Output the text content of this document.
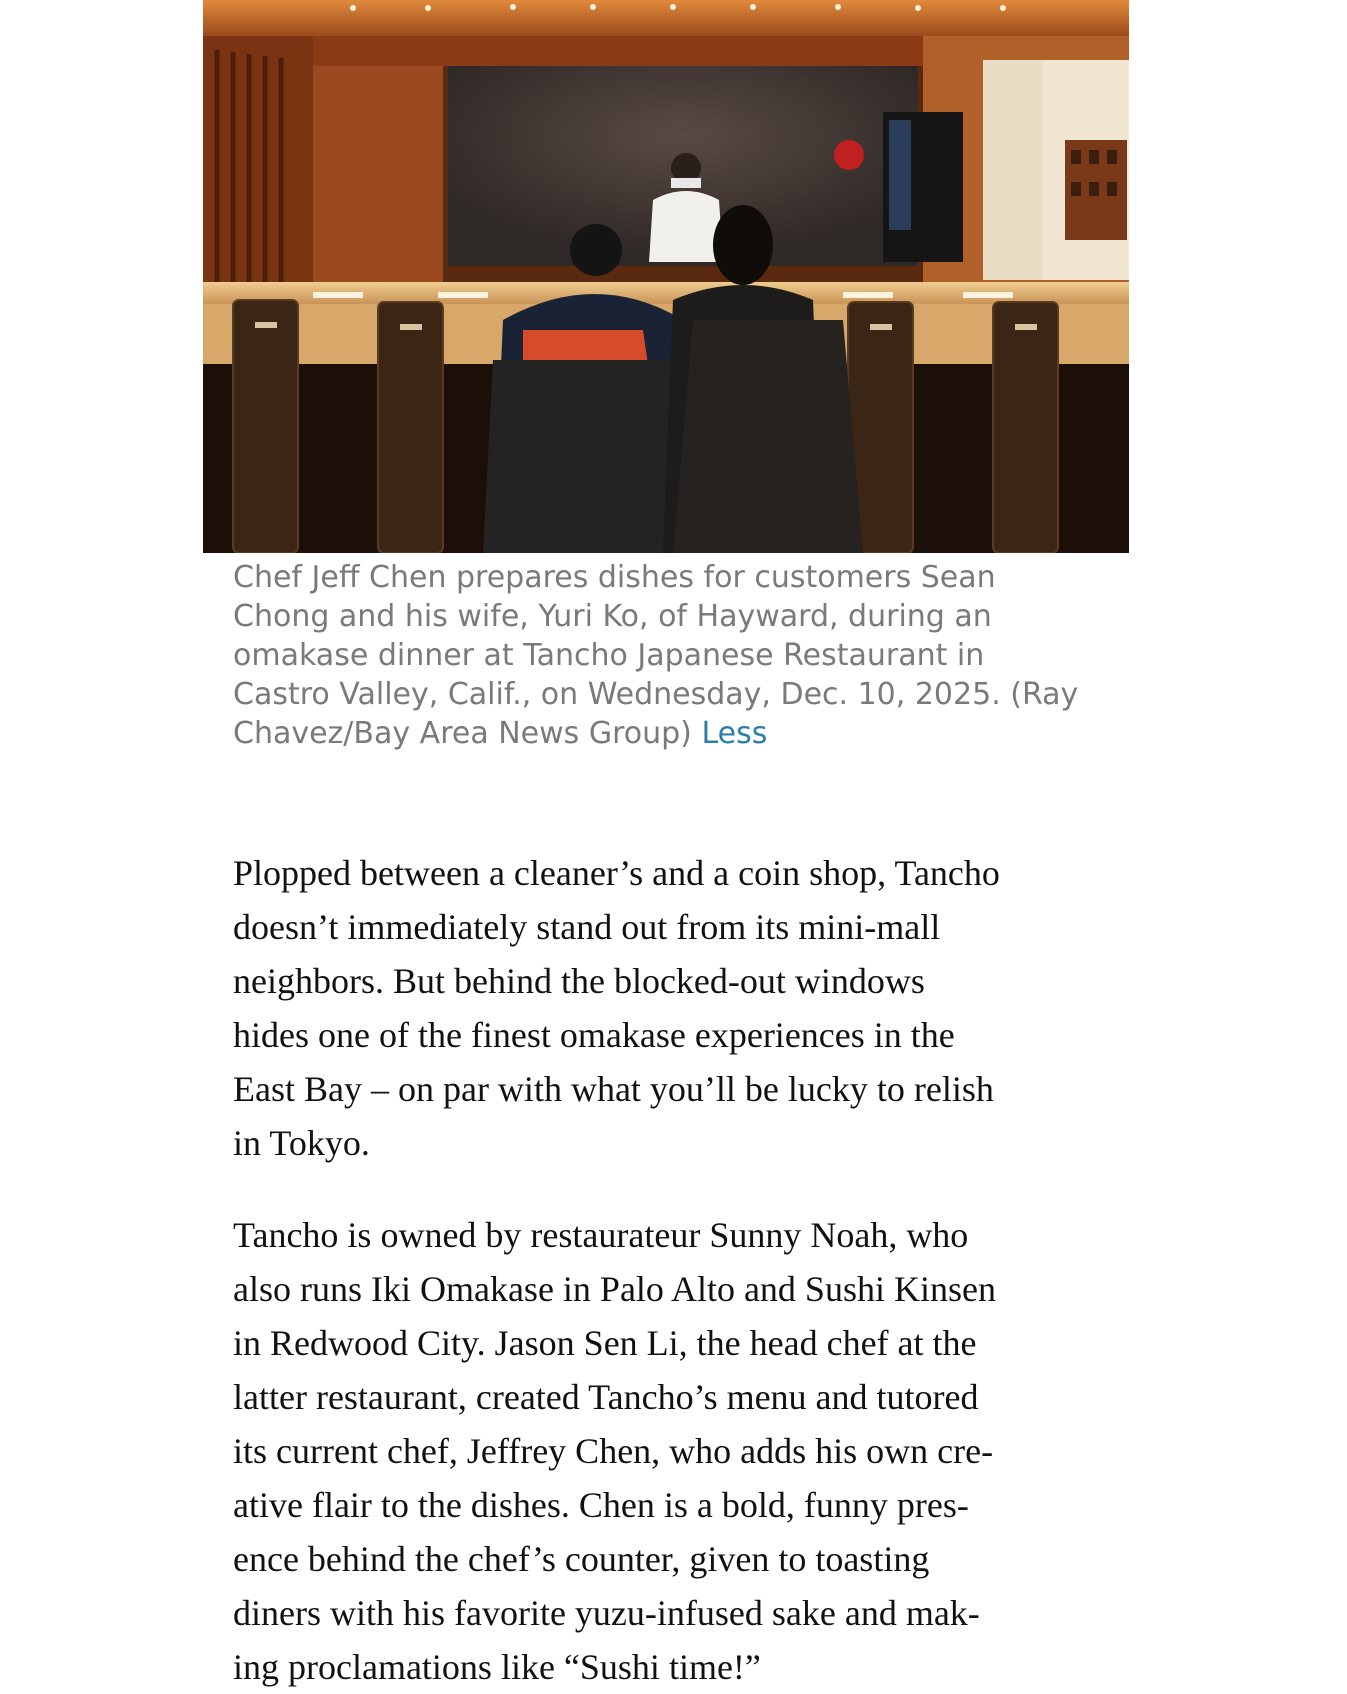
Chef Jeff Chen prepares dishes for customers Sean
Chong and his wife, Yuri Ko, of Hayward, during an
omakase dinner at Tancho Japanese Restaurant in
Castro Valley, Calif., on Wednesday, Dec. 10, 2025. (Ray
Chavez/Bay Area News Group) Less

Plopped between a cleaner’s and a coin shop, Tancho
doesn’t immediately stand out from its mini-mall
neighbors. But behind the blocked-out windows
hides one of the finest omakase experiences in the
East Bay – on par with what you’ll be lucky to relish
in Tokyo.

Tancho is owned by restaurateur Sunny Noah, who
also runs Iki Omakase in Palo Alto and Sushi Kinsen
in Redwood City. Jason Sen Li, the head chef at the
latter restaurant, created Tancho’s menu and tutored
its current chef, Jeffrey Chen, who adds his own cre-
ative flair to the dishes. Chen is a bold, funny pres-
ence behind the chef’s counter, given to toasting
diners with his favorite yuzu-infused sake and mak-
ing proclamations like “Sushi time!”
